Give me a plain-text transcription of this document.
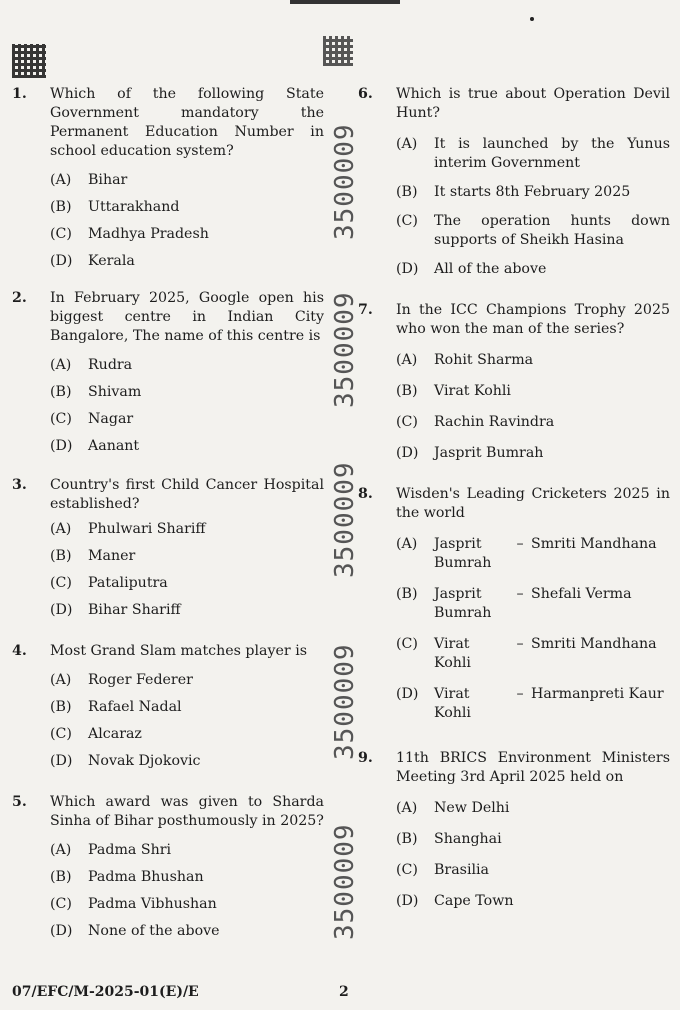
3500009
3500009
3500009
3500009
3500009
1. Which of the following State Government mandatory the Permanent Education Number in school education system?
(A)	Bihar
(B)	Uttarakhand
(C)	Madhya Pradesh
(D)	Kerala
2. In February 2025, Google open his biggest centre in Indian City Bangalore, The name of this centre is
(A)	Rudra
(B)	Shivam
(C)	Nagar
(D)	Aanant
3. Country's first Child Cancer Hospital established?
(A)	Phulwari Shariff
(B)	Maner
(C)	Pataliputra
(D)	Bihar Shariff
4. Most Grand Slam matches player is
(A)	Roger Federer
(B)	Rafael Nadal
(C)	Alcaraz
(D)	Novak Djokovic
5. Which award was given to Sharda Sinha of Bihar posthumously in 2025?
(A)	Padma Shri
(B)	Padma Bhushan
(C)	Padma Vibhushan
(D)	None of the above
6. Which is true about Operation Devil Hunt?
(A)	It is launched by the Yunus interim Government
(B)	It starts 8th February 2025
(C)	The operation hunts down supports of Sheikh Hasina
(D)	All of the above
7. In the ICC Champions Trophy 2025 who won the man of the series?
(A)	Rohit Sharma
(B)	Virat Kohli
(C)	Rachin Ravindra
(D)	Jasprit Bumrah
8. Wisden's Leading Cricketers 2025 in the world
(A)	Jasprit Bumrah
– Smriti Mandhana
(B)	Jasprit Bumrah
– Shefali Verma
(C)	Virat Kohli
– Smriti Mandhana
(D)	Virat Kohli
– Harmanpreti Kaur
9. 11th BRICS Environment Ministers Meeting 3rd April 2025 held on
(A)	New Delhi
(B)	Shanghai
(C)	Brasilia
(D)	Cape Town
07/EFC/M-2025-01(E)/E	2
